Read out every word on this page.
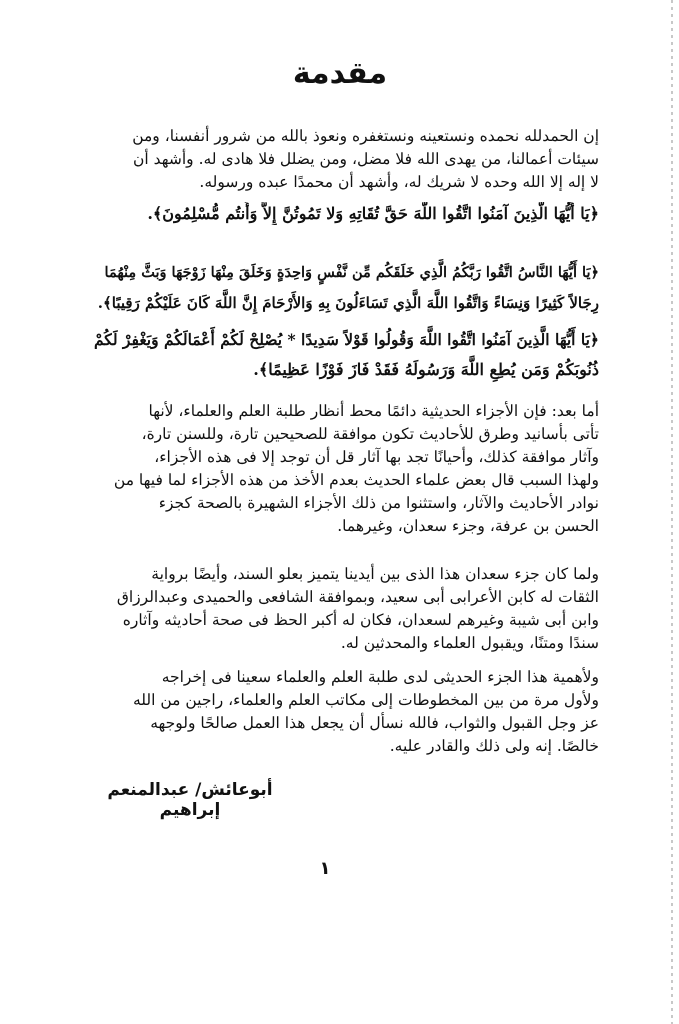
مقدمة
إن الحمدلله نحمده ونستعينه ونستغفره ونعوذ بالله من شرور أنفسنا، ومن
سيئات أعمالنا، من يهدى الله فلا مضل، ومن يضلل فلا هادى له. وأشهد أن
لا إله إلا الله وحده لا شريك له، وأشهد أن محمدًا عبده ورسوله.
﴿يَا أَيُّهَا الَّذِينَ آمَنُوا اتَّقُوا اللَّهَ حَقَّ تُقَاتِهِ وَلا تَمُوتُنَّ إِلاَّ وَأَنتُم مُّسْلِمُونَ﴾.
﴿يَا أَيُّهَا النَّاسُ اتَّقُوا رَبَّكُمُ الَّذِي خَلَقَكُم مِّن نَّفْسٍ وَاحِدَةٍ وَخَلَقَ مِنْهَا زَوْجَهَا وَبَثَّ مِنْهُمَا
رِجَالاً كَثِيرًا وَنِسَاءً وَاتَّقُوا اللَّهَ الَّذِي تَسَاءَلُونَ بِهِ وَالأَرْحَامَ إِنَّ اللَّهَ كَانَ عَلَيْكُمْ رَقِيبًا﴾.
﴿يَا أَيُّهَا الَّذِينَ آمَنُوا اتَّقُوا اللَّهَ وَقُولُوا قَوْلاً سَدِيدًا * يُصْلِحْ لَكُمْ أَعْمَالَكُمْ وَيَغْفِرْ لَكُمْ
ذُنُوبَكُمْ وَمَن يُطِعِ اللَّهَ وَرَسُولَهُ فَقَدْ فَازَ فَوْزًا عَظِيمًا﴾.
أما بعد: فإن الأجزاء الحديثية دائمًا محط أنظار طلبة العلم والعلماء، لأنها
تأتى بأسانيد وطرق للأحاديث تكون موافقة للصحيحين تارة، وللسنن تارة،
وآثار موافقة كذلك، وأحيانًا تجد بها آثار قل أن توجد إلا فى هذه الأجزاء،
ولهذا السبب قال بعض علماء الحديث بعدم الأخذ من هذه الأجزاء لما فيها من
نوادر الأحاديث والآثار، واستثنوا من ذلك الأجزاء الشهيرة بالصحة كجزء
الحسن بن عرفة، وجزء سعدان، وغيرهما.
ولما كان جزء سعدان هذا الذى بين أيدينا يتميز بعلو السند، وأيضًا برواية
الثقات له كابن الأعرابى أبى سعيد، وبموافقة الشافعى والحميدى وعبدالرزاق
وابن أبى شيبة وغيرهم لسعدان، فكان له أكبر الحظ فى صحة أحاديثه وآثاره
سندًا ومتنًا، ويقبول العلماء والمحدثين له.
ولأهمية هذا الجزء الحديثى لدى طلبة العلم والعلماء سعينا فى إخراجه
ولأول مرة من بين المخطوطات إلى مكاتب العلم والعلماء، راجين من الله
عز وجل القبول والثواب، فالله نسأل أن يجعل هذا العمل صالحًا ولوجهه
خالصًا. إنه ولى ذلك والقادر عليه.
أبوعائش/ عبدالمنعم إبراهيم
١
